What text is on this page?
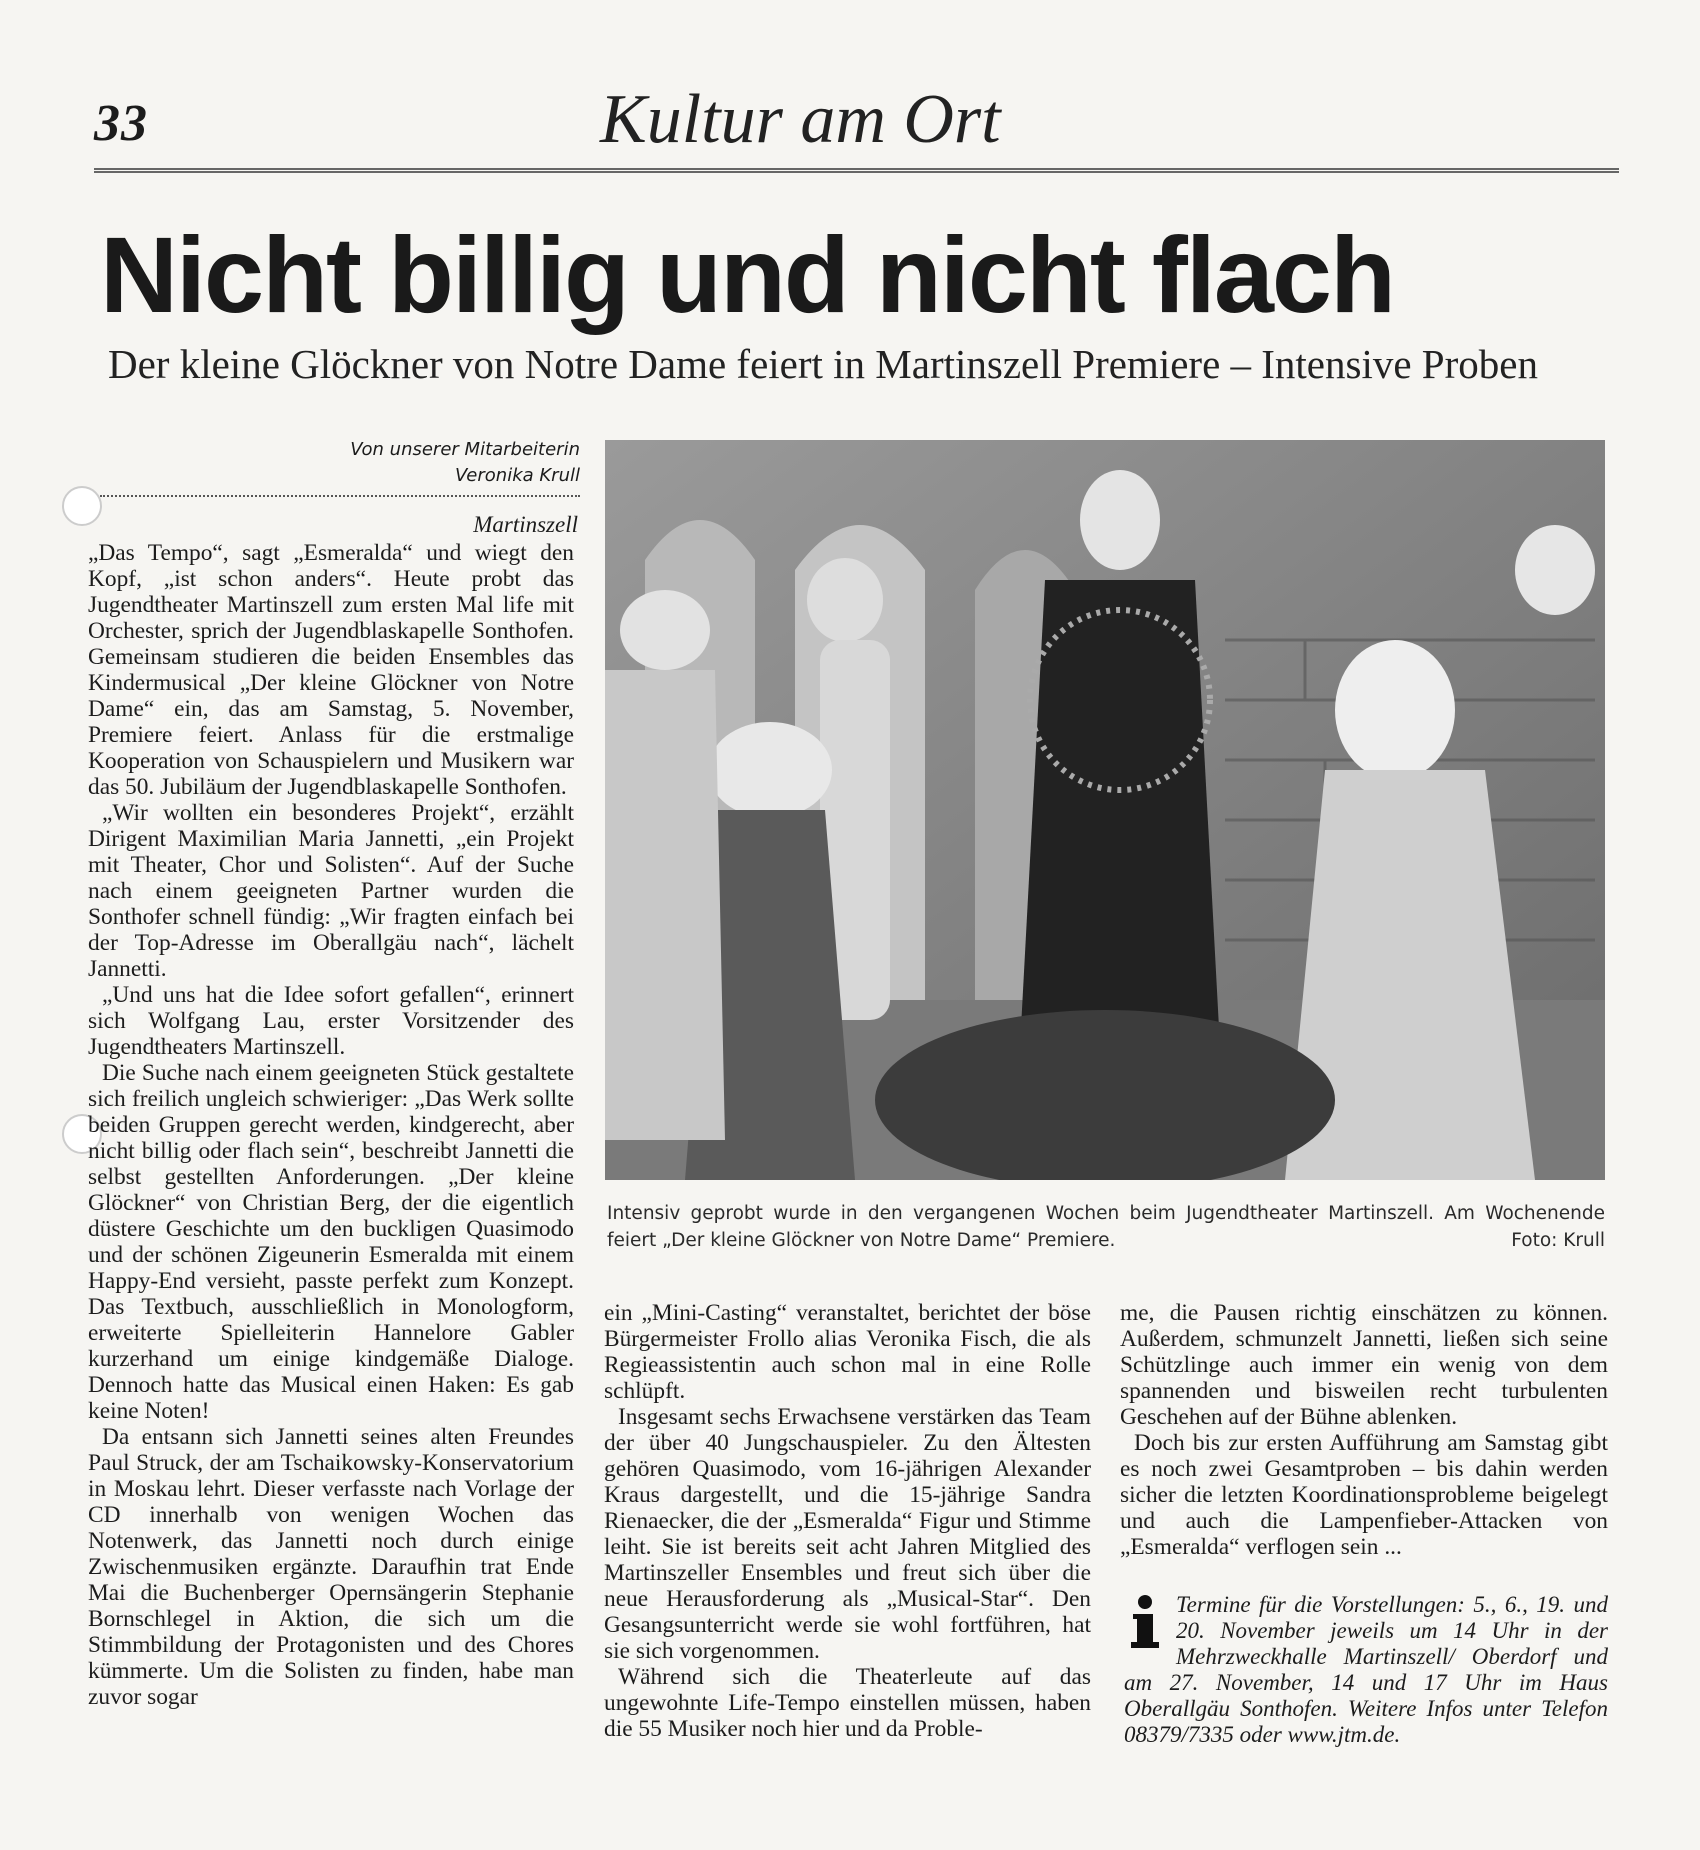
33	Kultur am Ort
Nicht billig und nicht flach
Der kleine Glöckner von Notre Dame feiert in Martinszell Premiere – Intensive Proben
Von unserer Mitarbeiterin
Veronika Krull
Martinszell

„Das Tempo“, sagt „Esmeralda“ und wiegt den Kopf, „ist schon anders“. Heute probt das Jugendtheater Martinszell zum ersten Mal life mit Orchester, sprich der Jugendblaskapelle Sonthofen. Gemeinsam studieren die beiden Ensembles das Kindermusical „Der kleine Glöckner von Notre Dame“ ein, das am Samstag, 5. November, Premiere feiert. Anlass für die erstmalige Kooperation von Schauspielern und Musikern war das 50. Jubiläum der Jugendblaskapelle Sonthofen.

„Wir wollten ein besonderes Projekt“, erzählt Dirigent Maximilian Maria Jannetti, „ein Projekt mit Theater, Chor und Solisten“. Auf der Suche nach einem geeigneten Partner wurden die Sonthofer schnell fündig: „Wir fragten einfach bei der Top-Adresse im Oberallgäu nach“, lächelt Jannetti.

„Und uns hat die Idee sofort gefallen“, erinnert sich Wolfgang Lau, erster Vorsitzender des Jugendtheaters Martinszell.

Die Suche nach einem geeigneten Stück gestaltete sich freilich ungleich schwieriger: „Das Werk sollte beiden Gruppen gerecht werden, kindgerecht, aber nicht billig oder flach sein“, beschreibt Jannetti die selbst gestellten Anforderungen. „Der kleine Glöckner“ von Christian Berg, der die eigentlich düstere Geschichte um den buckligen Quasimodo und der schönen Zigeunerin Esmeralda mit einem Happy-End versieht, passte perfekt zum Konzept. Das Textbuch, ausschließlich in Monologform, erweiterte Spielleiterin Hannelore Gabler kurzerhand um einige kindgemäße Dialoge. Dennoch hatte das Musical einen Haken: Es gab keine Noten!

Da entsann sich Jannetti seines alten Freundes Paul Struck, der am Tschaikowsky-Konservatorium in Moskau lehrt. Dieser verfasste nach Vorlage der CD innerhalb von wenigen Wochen das Notenwerk, das Jannetti noch durch einige Zwischenmusiken ergänzte. Daraufhin trat Ende Mai die Buchenberger Opernsängerin Stephanie Bornschlegel in Aktion, die sich um die Stimmbildung der Protagonisten und des Chores kümmerte. Um die Solisten zu finden, habe man zuvor sogar

Intensiv geprobt wurde in den vergangenen Wochen beim Jugendtheater Martinszell. Am Wochenende feiert „Der kleine Glöckner von Notre Dame“ Premiere.	Foto: Krull

ein „Mini-Casting“ veranstaltet, berichtet der böse Bürgermeister Frollo alias Veronika Fisch, die als Regieassistentin auch schon mal in eine Rolle schlüpft.

Insgesamt sechs Erwachsene verstärken das Team der über 40 Jungschauspieler. Zu den Ältesten gehören Quasimodo, vom 16-jährigen Alexander Kraus dargestellt, und die 15-jährige Sandra Rienaecker, die der „Esmeralda“ Figur und Stimme leiht. Sie ist bereits seit acht Jahren Mitglied des Martinszeller Ensembles und freut sich über die neue Herausforderung als „Musical-Star“. Den Gesangsunterricht werde sie wohl fortführen, hat sie sich vorgenommen.

Während sich die Theaterleute auf das ungewohnte Life-Tempo einstellen müssen, haben die 55 Musiker noch hier und da Proble-

me, die Pausen richtig einschätzen zu können. Außerdem, schmunzelt Jannetti, ließen sich seine Schützlinge auch immer ein wenig von dem spannenden und bisweilen recht turbulenten Geschehen auf der Bühne ablenken.

Doch bis zur ersten Aufführung am Samstag gibt es noch zwei Gesamtproben – bis dahin werden sicher die letzten Koordinationsprobleme beigelegt und auch die Lampenfieber-Attacken von „Esmeralda“ verflogen sein ...

Termine für die Vorstellungen: 5., 6., 19. und 20. November jeweils um 14 Uhr in der Mehrzweckhalle Martinszell/ Oberdorf und am 27. November, 14 und 17 Uhr im Haus Oberallgäu Sonthofen. Weitere Infos unter Telefon 08379/7335 oder www.jtm.de.
